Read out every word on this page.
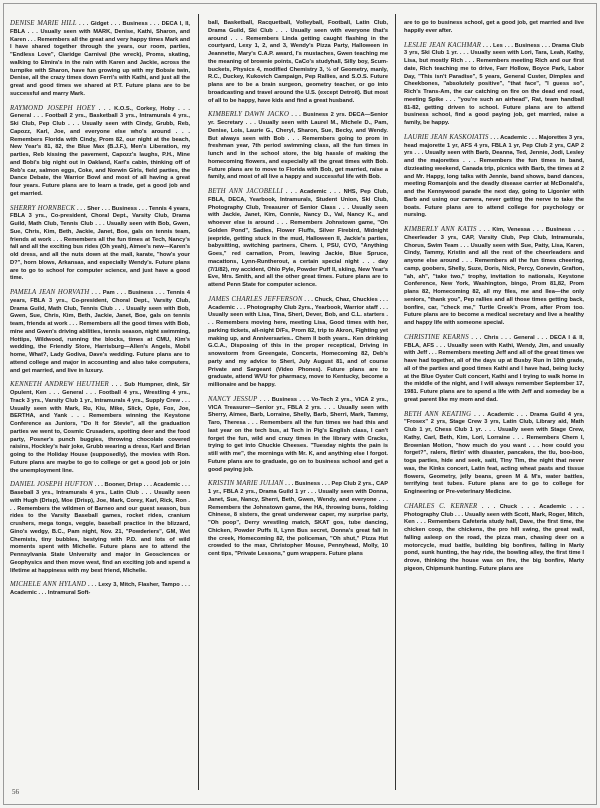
DENISE MARIE HILL . . . Gidget . . . Business . . . DECA I, II, FBLA . . . Usually seen with MARK, Denise, Kathi, Sharon, and Karen . . . Remembers all the great and very happy times Mark and I have shared together through the years, our room, parties, "Endless Love", Claridge Carnival (the wreck), Proms, skating, walking to Elmira's in the rain with Karen and Jackie, across the turnpike with Sharon, have fun growing up with my Bobsie twin, Denise, all the crazy times down Ferri's with Kathi, and just all the great and good times we shared at P.T. Future plans are to be successful and marry Mark.

RAYMOND JOSEPH HOEY . . . K.O.S., Corkey, Hoby . . . General . . . Football 2 yrs., Basketball 3 yrs., Intramurals 4 yrs., Ski Club, Pep Club . . . Usually seen with Cindy, Grubb, Reb, Capozz, Karl, Joe, and everyone else who's around . . . Remembers Florida with Cindy, Prom 82, our night at the beach, New Year's 81, 82, the Blue Max (B.J.F.), Men's Liberation, my parties, Reb kissing the pavement, Capozz's laughs, P.H., Mine and Bobi's big night out in Oakland, Karl's cabin, thinking off of Reb's car, salmon eggs, Coke, and Norwin Girls, field parties, the Dance Debate, the Warrior Bowl and most of all having a great four years. Future plans are to learn a trade, get a good job and get married.

SHERRY HORNBECK . . . Sher . . . Business . . . Tennis 4 years, FBLA 3 yrs., Co-president, Choral Dept., Varsity Club, Drama Guild, Math Club, Tennis Club . . . Usually seen with Bob, Gwen, Sue, Chris, Kim, Beth, Jackie, Janet, Boe, gals on tennis team, friends at work . . . Remembers all the fun times at Tech, Nancy's fall and all the exciting bus rides (Oh yeah), Aimee's new—Karen's old dress, and all the nuts down at the mall, karate, "how's your D?", horn blows, Arkansas, and especially Wendy's. Future plans are to go to school for computer science, and just have a good time.

PAMELA JEAN HORVATH . . . Pam . . . Business . . . Tennis 4 years, FBLA 3 yrs., Co-president, Choral Dept., Varsity Club, Drama Guild, Math Club, Tennis Club . . . Usually seen with Bob, Gwen, Sue, Chris, Kim, Beth, Jackie, Janet, Boe, gals on tennis team, friends at work . . . Remembers all the good times with Bob, mine and Gwen's driving abilities, tennis season, night swimming, Hottips, Wildwood, running the blocks, times at CMU, Kim's wedding, the Friendly Store, Harrisburg—Allen's Angels, Mobil home, What?, Lady Godiva, Dave's wedding. Future plans are to attend college and major in accounting and also take computers, and get married, and live in luxury.

KENNETH ANDREW HEUTHER . . . Sub Humpner, dink, Sir Opulent, Ken . . . General . . . Football 4 yrs., Wrestling 4 yrs., Track 3 yrs., Varsity Club 1 yr., Intramurals 4 yrs., Supply Crew . . . Usually seen with Mark, Ru, Kiu, Mike, Slick, Opie, Fox, Joe, BERTHA, and Yank . . . Remembers winning the Keystone Conference as Juniors, "Do It for Stevie", all the graduation parties we went to, Cosmic Crusaders, spotting deer and the food party, Posner's punch buggies, throwing chocolate covered raisins, Hockley's hair joke, Grubb wearing a dress, Karl and Brian going to the Holiday House (supposedly), the movies with Ron. Future plans are maybe to go to college or get a good job or join the unemployment line.

DANIEL JOSEPH HUFTON . . . Booner, Drisp . . . Academic . . . Baseball 3 yrs., Intramurals 4 yrs., Latin Club . . . Usually seen with Hugh (Drisp), Moe (Drisp), Joe, Mark, Corey, Karl, Rick, Ron . . . Remembers the wildmen of Barneo and our guest season, bus rides to the Varsity Baseball games, rocket rides, cranium crushers, mega tongs, veggie, baseball practice in the blizzard, Gino's wedgy, B.C., Pam night, Nov. 21, "Powderiers", GM, Wet Chemists, tiny bubbles, bestying with P.D. and lots of wild moments spent with Michelle. Future plans are to attend the Pennsylvania State University and major in Geosciences or Geophysics and then move west, find an exciting job and spend a lifetime at happiness with my best friend, Michelle.

MICHELE ANN HYLAND . . . Lexy 3, Mitch, Flasher, Tampo . . . Academic . . . Intramural Soft-

ball, Basketball, Racquetball, Volleyball, Football, Latin Club, Drama Guild, Ski Club . . . Usually seen with everyone that's around . . . Remembers Linda getting caught flashing in the courtyard, Lexy 1, 2, and 3, Wendy's Pizza Party, Halloween in Jeannette, Mary's C.A.P. award, I's mustaches, Gwen teaching me the meaning of brownie points, CaCo's studyhall, Silly boy, Scum-buckets, Physics 4, modified Chemistry 3, ½ of Geometry, manly, R.C., Duckey, Kukovich Campaign, Pep Rallies, and S.O.S. Future plans are to be a brain surgeon, geometry teacher, or go into broadcasting and travel around the U.S. (except Detroit). But most of all to be happy, have kids and find a great husband.

KIMBERLY DAWN JACKO . . . Business 2 yrs. DECA—Senior yr. Secretary . . . Usually seen with Laurel M., Michele D., Pam, Denise, Lois, Laurie G., Cheryl, Sharon, Sue, Becky, and Wendy. But always seen with Bob . . . Remembers going to prom in freshman year, 7th period swimming class, all the fun times in lunch and in the school store, the big hassle of making the homecoming flowers, and especially all the great times with Bob. Future plans are to move to Florida with Bob, get married, raise a family, and most of all live a happy and successful life with Bob.

BETH ANN JACOBELLI . . . Academic . . . NHS, Pep Club, FBLA, DECA, Yearbook, Intramurals, Student Union, Ski Club, Photography Club, Treasurer of Senior Class . . . Usually seen with Jackie, Janet, Kim, Connie, Nancy D., Val, Nancy K., and whoever else is around . . . Remembers Johnstown game, "On Golden Pond", Sadies, Flower Fluffs, Silver Firebird, Midnight jeepride, getting stuck in the mud, Halloween II, Jackie's parties, babysitting, switching partners, Chem. I, PSU, CYO, "Anything Goes," red carnation, Prom, leaving Jackie, Blue Spruce, macattons, Lynn-Runtherout, a certain special night . . . day (7/1/82), my accident, Ohio Pyle, Powder Puff II, skiing, New Year's Eve, Mrs. Smith, and all the other great times. Future plans are to attend Penn State for computer science.

JAMES CHARLES JEFFERSON . . . Chuck, Chaz, Chuckies . . . Academic . . . Photography Club 2yrs., Yearbook, Warrior staff . . . Usually seen with Lisa, Tina, Sheri, Dever, Bob, and C.L. starters . . . Remembers moving here, meeting Lisa, Good times with her, parking tickets, all-night D/Fs, Prom 82, trip to Akron, Fighting yet making up, and Anniversaries.. Chem II both years.. Ken drinking G.C.A., Disposing of this in the proper receptical, Driving in snowstorm from Greengate, Concerts, Homecoming 82, Deb's party and my advice to Sheri, July August 81, and of course Private and Sargeant (Video Phones). Future plans are to graduate, attend WVU for pharmacy, move to Kentucky, become a millionaire and be happy.

NANCY JESSUP . . . Business . . . Vo-Tech 2 yrs., VICA 2 yrs., VICA Treasurer—Senior yr., FBLA 2 yrs. . . . Usually seen with Sherry, Aimee, Barb, Lorraine, Shelly, Barb, Sherri, Mark, Tammy, Taro, Theresa . . . Remembers all the fun times we had this and last year on the tech bus, at Tech in Pig's English class, I can't forget the fun, wild and crazy times in the library with Cracks, trying to get into Chuckie Cheeses. "Tuesday nights the pain is still with me", the mornings with Mr. K, and anything else I forgot. Future plans are to graduate, go on to business school and get a good paying job.

KRISTIN MARIE JULIAN . . . Business . . . Pep Club 2 yrs., CAP 1 yr., FBLA 2 yrs., Drama Guild 1 yr . . . Usually seen with Donna, Janet, Sue, Nancy, Sherri, Beth, Gwen, Wendy, and everyone . . . Remembers the Johnstown game, the HA, throwing buns, folding Chinese, 8 sisters, the great underwear caper, my surprise party, "Oh poop", Derry wrestling match, SKAT gos, tube dancing, Chicken, Powder Puffs II, Lynn Bus secret, Donna's great fall in the creek, Homecoming 82, the policeman, "Oh shut," Pizza Hut crowded to the max, Christopher Mouse, Pennyhead, Molly, 10 cent tips, "Private Lessons," gum wrappers. Future plans

are to go to business school, get a good job, get married and live happily ever after.

LESLIE JEAN KACHMAR . . . Les . . . Business . . . Drama Club 3 yrs, Ski Club 1 yr. . . . Usually seen with Lori, Tara, Leah, Kathy, Lisa, but mostly Rich . . . Remembers meeting Rich and our first date, Rich teaching me to drive, Farr Hollow, Boyce Park, Labor Day, "This isn't Paradise", 5 years, General Custer, Dimples and Cheekbones, "absolutely positive", "that face", "I guess so", Rich's Trans-Am, the car catching on fire on the dead end road, meeting Spike . . . "you're such an airhead", Rat, team handball 81-82, getting driven to school. Future plans are to attend business school, find a good paying job, get married, raise a family, be happy.

LAURIE JEAN KASKOIATIS . . . Academic . . . Majorettes 3 yrs, head majorette 1 yr, AFS 4 yrs, FBLA 1 yr, Pep Club 2 yrs, CAP 2 yrs . . . Usually seen with Barb, Deanna, Ted, Jennie, Jodi, Lesley and the majorettes . . . Remembers the fun times in band, dizzieating weekend, Canada trip, picnics with Barb, the times at 2 and Mr. Happy, long talks with Jennie, band shows, band dances, meeting Romanjois and the deadly disease carrier at McDonald's, and the Kennywood parade the next day, going to Ligonier with Barb and using our camera, never getting the nerve to take the boats. Future plans are to attend college for psychology or nursing.

KIMBERLY ANN KATIS . . . Kim, Venessa . . . Business . . . Cheerleader 3 yrs, CAP, Varsity Club, Pep Club, Intramurals, Chorus, Swim Team . . . Usually seen with Sue, Patty, Lisa, Karen, Cindy, Tammy, Kristin and all the rest of the cheerleaders and anyone else around . . . Remembers all the fun times cheering, camp, goobers, Shelly, Suze, Doris, Nick, Percy, Conevin, Grafton, "ah, ah", "take two," trophy, invitation to nationals, Keystone Conference, New York, Washington, bingo, Prom 81,82, Prom plans 82, Homecoming 82, all my files, me and Ilea—the only seniors, "thank you", Pep rallies and all those times getting back, bonfire, car, "check me," Turtle Creek's Prom, after Prom too. Future plans are to become a medical secretary and live a healthy and happy life with someone special.

CHRISTINE KEARNS . . . Chris . . . General . . . DECA I & II, FBLA, AFS . . . Usually seen with Kathi, Wendy, Jim, and usually with Jeff . . . Remembers meeting Jeff and all of the great times we have had together, all of the days up at Busby Run in 10th grade, all of the parties and good times Kathi and I have had, being lucky at the Blue Oyster Cult concert, Kathi and I trying to walk home in the middle of the night, and I will always remember September 17, 1981. Future plans are to spend a life with Jeff and someday be a great parent like my mom and dad.

BETH ANN KEATING . . . Academic . . . Drama Guild 4 yrs, "Frosex" 2 yrs, Stage Crew 3 yrs, Latin Club, Library aid, Math Club 1 yr, Chess Club 1 yr. . . . Usually seen with Stage Crew, Kathy, Carl, Beth, Kim, Lori, Lorraine . . . Remembers Chem I, Brownian Motion, "how much do you want . . . how could you forget?", ralers, flirtin' with disaster, pancakes, the tlu, boo-boo, toga parties, hide and seek, saiti, Tiny Tim, the night that never was, the Kinks concert, Latin feat, acting wheat pasts and tissue flowers, Geometry, jelly beans, green M & M's, water battles, terrifying test tubes. Future plans are to go to college for Engineering or Pre-veterinary Medicine.

CHARLES C. KERNER . . . Chuck . . . Academic . . . Photography Club . . . Usually seen with Scott, Mark, Roger, Mitch, Ken . . . Remembers Cafeteria study hall, Dave, the first time, the chicken coop, the chickens, the pro hill swing, the great wall, falling asleep on the road, the pizza man, chasing deer on a motorcycle, mud battle, building big bonfires, falling in Marty pond, sunk hunting, the hay ride, the bowling alley, the first time I drove, thinking the house was on fire, the big bonfire, Marty pigeon, Chipmunk hunting. Future plans are

56
